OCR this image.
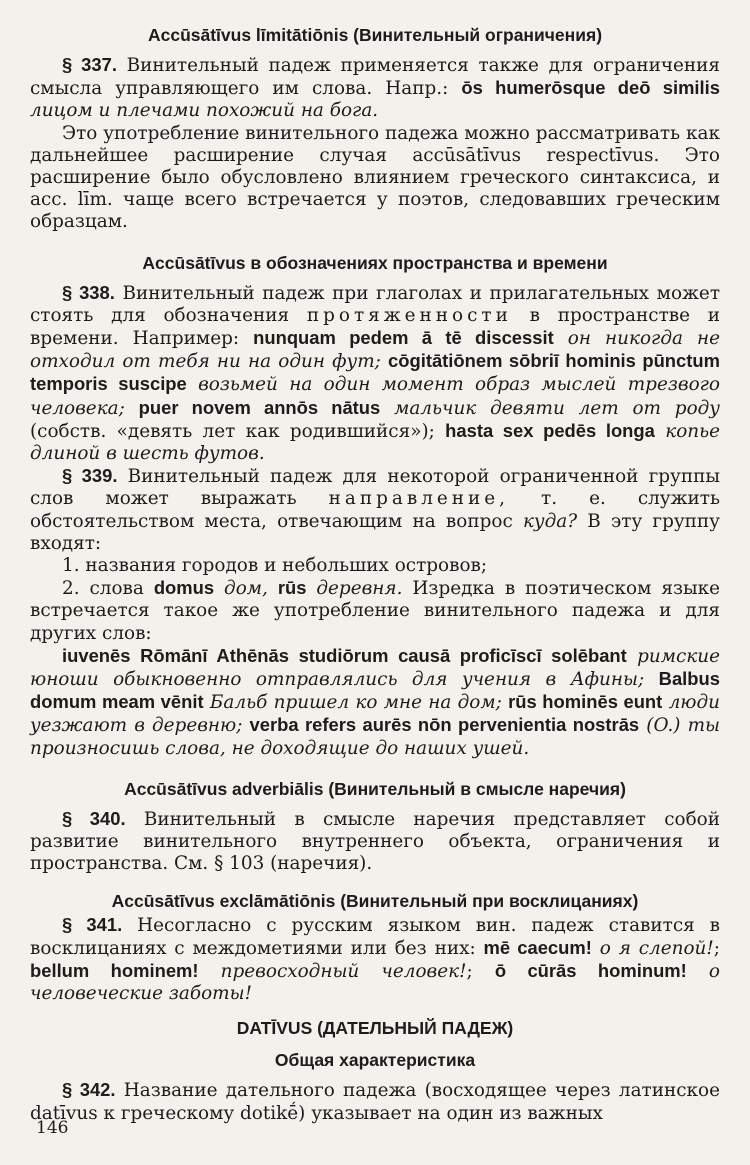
Accūsātīvus līmitātiōnis (Винительный ограничения)

§ 337. Винительный падеж применяется также для ограничения смысла управляющего им слова. Напр.: ōs humerōsque deō similis лицом и плечами похожий на бога.

Это употребление винительного падежа можно рассматривать как дальнейшее расширение случая accūsātīvus respectīvus. Это расширение было обусловлено влиянием греческого синтаксиса, и acc. līm. чаще всего встречается у поэтов, следовавших греческим образцам.

Accūsātīvus в обозначениях пространства и времени

§ 338. Винительный падеж при глаголах и прилагательных может стоять для обозначения протяженности в пространстве и времени. Например: nunquam pedem ā tē discessit он никогда не отходил от тебя ни на один фут; cōgitātiōnem sōbriī hominis pūnctum temporis suscipe возьмей на один момент образ мыслей трезвого человека; puer novem annōs nātus мальчик девяти лет от роду (собств. «девять лет как родившийся»); hasta sex pedēs longa копье длиной в шесть футов.

§ 339. Винительный падеж для некоторой ограниченной группы слов может выражать направление, т. е. служить обстоятельством места, отвечающим на вопрос куда? В эту группу входят:

1. названия городов и небольших островов;

2. слова domus дом, rūs деревня. Изредка в поэтическом языке встречается такое же употребление винительного падежа и для других слов:

iuvenēs Rōmānī Athēnās studiōrum causā proficīscī solēbant римские юноши обыкновенно отправлялись для учения в Афины; Balbus domum meam vēnit Бальб пришел ко мне на дом; rūs hominēs eunt люди уезжают в деревню; verba refers aurēs nōn pervenientia nostrās (O.) ты произносишь слова, не доходящие до наших ушей.

Accūsātīvus adverbiālis (Винительный в смысле наречия)

§ 340. Винительный в смысле наречия представляет собой развитие винительного внутреннего объекта, ограничения и пространства. См. § 103 (наречия).

Accūsātīvus exclāmātiōnis (Винительный при восклицаниях)

§ 341. Несогласно с русским языком вин. падеж ставится в восклицаниях с междометиями или без них: mē caecum! о я слепой!; bellum hominem! превосходный человек!; ō cūrās hominum! о человеческие заботы!

DATĪVUS (ДАТЕЛЬНЫЙ ПАДЕЖ)
Общая характеристика

§ 342. Название дательного падежа (восходящее через латинское datīvus к греческому dotikḗ) указывает на один из важных

146
